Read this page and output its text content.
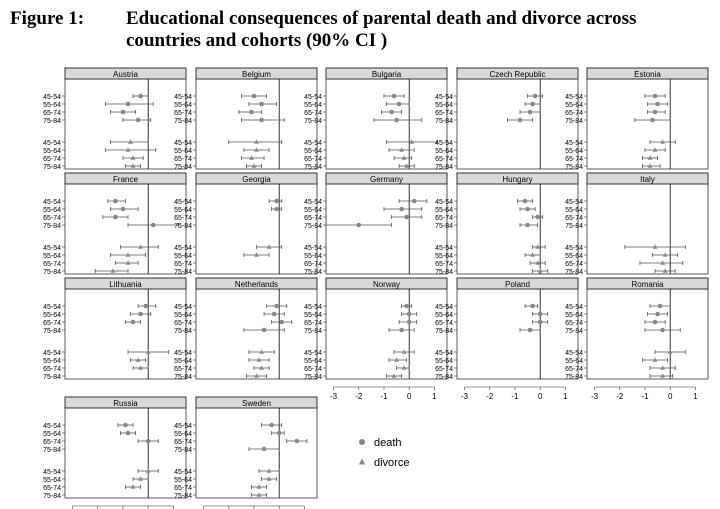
Figure 1: Educational consequences of parental death and divorce across countries and cohorts (90% CI )
Austria
45-54
55-64
65-74
75-84
45-54
55-64
65-74
75-84
Belgium
45-54
55-64
65-74
75-84
45-54
55-64
65-74
75-84
Bulgaria
45-54
55-64
65-74
75-84
45-54
55-64
65-74
75-84
Czech Republic
45-54
55-64
65-74
75-84
45-54
55-64
65-74
75-84
Estonia
45-54
55-64
65-74
75-84
45-54
55-64
65-74
75-84
France
45-54
55-64
65-74
75-84
45-54
55-64
65-74
75-84
Georgia
45-54
55-64
65-74
75-84
45-54
55-64
65-74
75-84
Germany
45-54
55-64
65-74
75-84
45-54
55-64
65-74
75-84
Hungary
45-54
55-64
65-74
75-84
45-54
55-64
65-74
75-84
Italy
45-54
55-64
65-74
75-84
45-54
55-64
65-74
75-84
Lithuania
45-54
55-64
65-74
75-84
45-54
55-64
65-74
75-84
Netherlands
45-54
55-64
65-74
75-84
45-54
55-64
65-74
75-84
Norway
45-54
55-64
65-74
75-84
45-54
55-64
65-74
75-84
-3 -2 -1 0	1
Poland
45-54
55-64
65-74
75-84
45-54
55-64
65-74
75-84
-3 -2 -1 0	1
Romania
45-54
55-64
65-74
75-84
45-54
55-64
65-74
75-84
-3 -2 -1 0	1
Russia
45-54
55-64
65-74
75-84
45-54
55-64
65-74
75-84
Sweden
45-54
55-64
65-74
75-84
45-54
55-64
65-74
75-84
death
divorce
